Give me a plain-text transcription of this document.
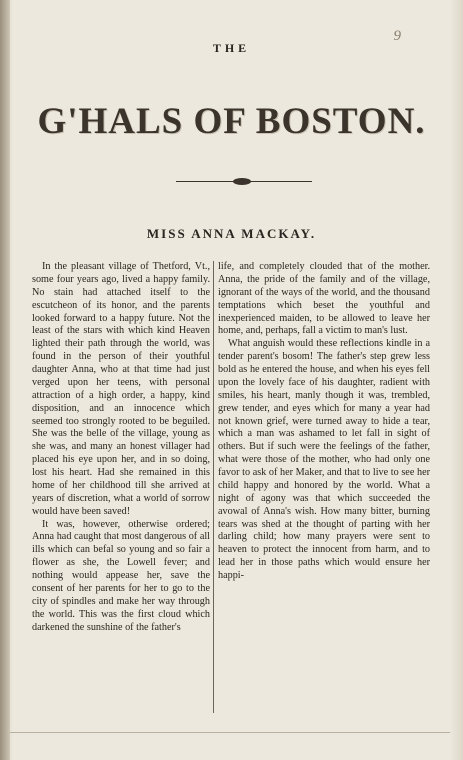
9
THE
G'HALS OF BOSTON.
MISS ANNA MACKAY.

In the pleasant village of Thetford, Vt., some four years ago, lived a happy family. No stain had attached itself to the escutcheon of its honor, and the parents looked forward to a happy future. Not the least of the stars with which kind Heaven lighted their path through the world, was found in the person of their youthful daughter Anna, who at that time had just verged upon her teens, with personal attraction of a high order, a happy, kind disposition, and an innocence which seemed too strongly rooted to be beguiled. She was the belle of the village, young as she was, and many an honest villager had placed his eye upon her, and in so doing, lost his heart. Had she remained in this home of her childhood till she arrived at years of discretion, what a world of sorrow would have been saved!

It was, however, otherwise ordered; Anna had caught that most dangerous of all ills which can befal so young and so fair a flower as she, the Lowell fever; and nothing would appease her, save the consent of her parents for her to go to the city of spindles and make her way through the world. This was the first cloud which darkened the sunshine of the father's

life, and completely clouded that of the mother. Anna, the pride of the family and of the village, ignorant of the ways of the world, and the thousand temptations which beset the youthful and inexperienced maiden, to be allowed to leave her home, and, perhaps, fall a victim to man's lust.

What anguish would these reflections kindle in a tender parent's bosom! The father's step grew less bold as he entered the house, and when his eyes fell upon the lovely face of his daughter, radient with smiles, his heart, manly though it was, trembled, grew tender, and eyes which for many a year had not known grief, were turned away to hide a tear, which a man was ashamed to let fall in sight of others. But if such were the feelings of the father, what were those of the mother, who had only one favor to ask of her Maker, and that to live to see her child happy and honored by the world. What a night of agony was that which succeeded the avowal of Anna's wish. How many bitter, burning tears was shed at the thought of parting with her darling child; how many prayers were sent to heaven to protect the innocent from harm, and to lead her in those paths which would ensure her happi-
